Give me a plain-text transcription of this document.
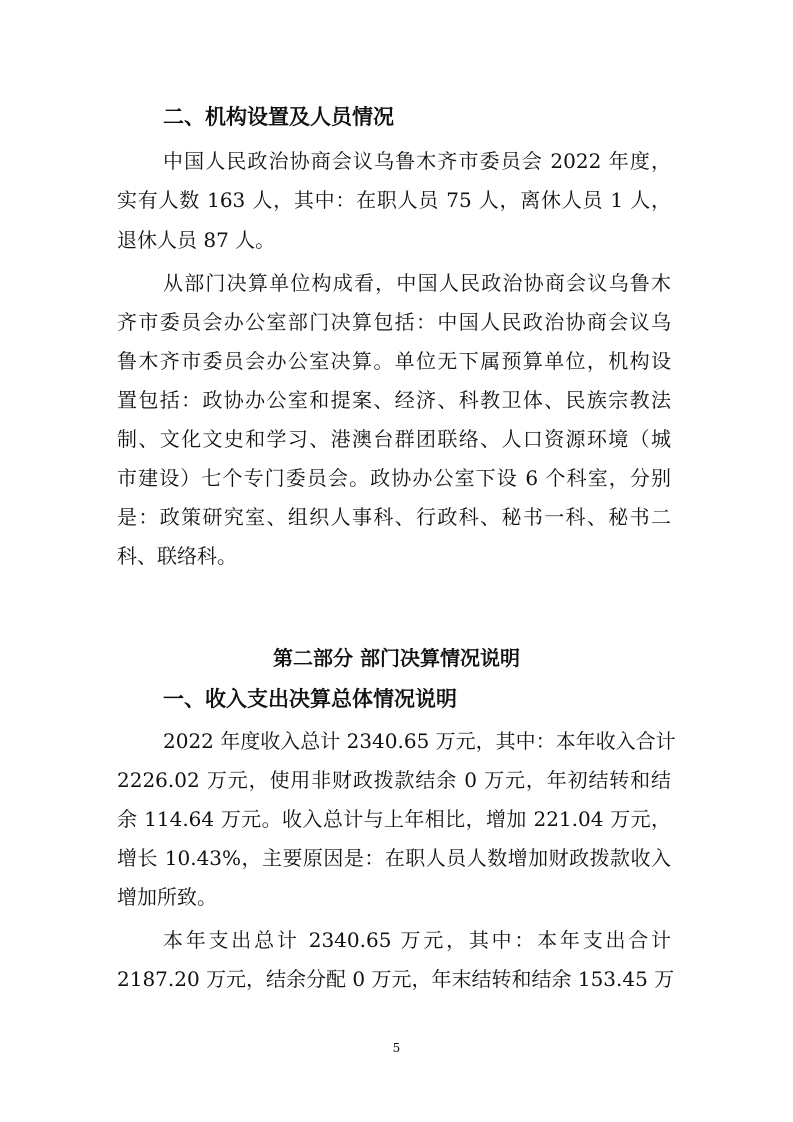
二、机构设置及人员情况
中国人民政治协商会议乌鲁木齐市委员会 2022 年度，
实有人数 163 人，其中：在职人员 75 人，离休人员 1 人，
退休人员 87 人。
从部门决算单位构成看，中国人民政治协商会议乌鲁木
齐市委员会办公室部门决算包括：中国人民政治协商会议乌
鲁木齐市委员会办公室决算。单位无下属预算单位，机构设
置包括：政协办公室和提案、经济、科教卫体、民族宗教法
制、文化文史和学习、港澳台群团联络、人口资源环境（城
市建设）七个专门委员会。政协办公室下设 6 个科室，分别
是：政策研究室、组织人事科、行政科、秘书一科、秘书二
科、联络科。
第二部分 部门决算情况说明
一、收入支出决算总体情况说明
2022 年度收入总计 2340.65 万元，其中：本年收入合计
2226.02 万元，使用非财政拨款结余 0 万元，年初结转和结
余 114.64 万元。收入总计与上年相比，增加 221.04 万元，
增长 10.43%，主要原因是：在职人员人数增加财政拨款收入
增加所致。
本年支出总计 2340.65 万元，其中：本年支出合计
2187.20 万元，结余分配 0 万元，年末结转和结余 153.45 万
5
